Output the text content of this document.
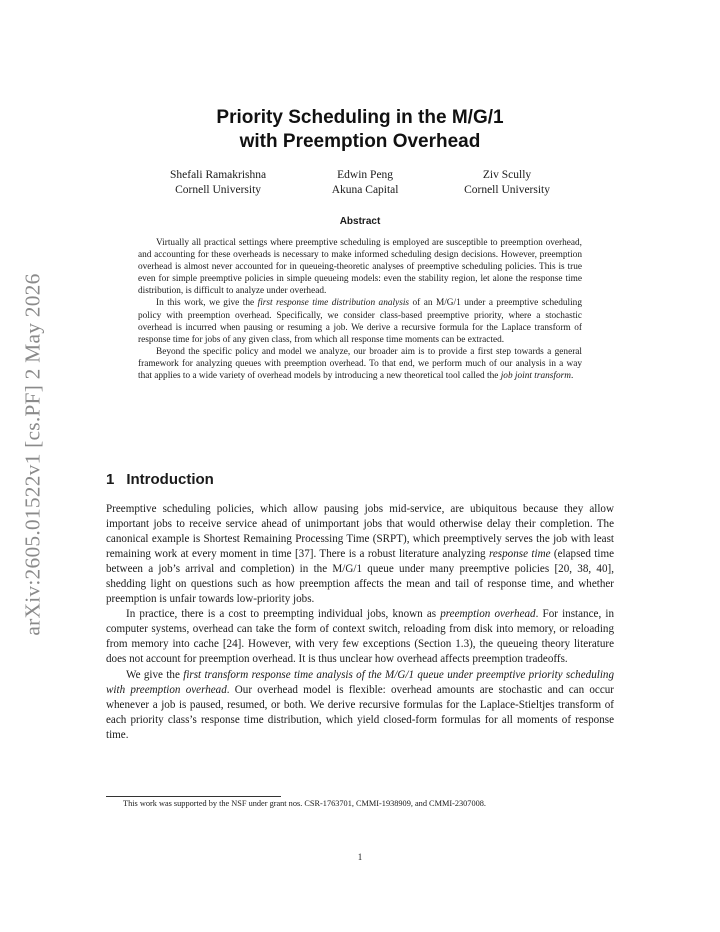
arXiv:2605.01522v1 [cs.PF] 2 May 2026
Priority Scheduling in the M/G/1
with Preemption Overhead
Shefali Ramakrishna
Cornell University
Edwin Peng
Akuna Capital
Ziv Scully
Cornell University
Abstract

Virtually all practical settings where preemptive scheduling is employed are susceptible to preemption overhead, and accounting for these overheads is necessary to make informed scheduling design decisions. However, preemption overhead is almost never accounted for in queueing-theoretic analyses of preemptive scheduling policies. This is true even for simple preemptive policies in simple queueing models: even the stability region, let alone the response time distribution, is difficult to analyze under overhead.

In this work, we give the first response time distribution analysis of an M/G/1 under a preemptive scheduling policy with preemption overhead. Specifically, we consider class-based preemptive priority, where a stochastic overhead is incurred when pausing or resuming a job. We derive a recursive formula for the Laplace transform of response time for jobs of any given class, from which all response time moments can be extracted.

Beyond the specific policy and model we analyze, our broader aim is to provide a first step towards a general framework for analyzing queues with preemption overhead. To that end, we perform much of our analysis in a way that applies to a wide variety of overhead models by introducing a new theoretical tool called the job joint transform.

1 Introduction

Preemptive scheduling policies, which allow pausing jobs mid-service, are ubiquitous because they allow important jobs to receive service ahead of unimportant jobs that would otherwise delay their completion. The canonical example is Shortest Remaining Processing Time (SRPT), which preemptively serves the job with least remaining work at every moment in time [37]. There is a robust literature analyzing response time (elapsed time between a job’s arrival and completion) in the M/G/1 queue under many preemptive policies [20, 38, 40], shedding light on questions such as how preemption affects the mean and tail of response time, and whether preemption is unfair towards low-priority jobs.

In practice, there is a cost to preempting individual jobs, known as preemption overhead. For instance, in computer systems, overhead can take the form of context switch, reloading from disk into memory, or reloading from memory into cache [24]. However, with very few exceptions (Section 1.3), the queueing theory literature does not account for preemption overhead. It is thus unclear how overhead affects preemption tradeoffs.

We give the first transform response time analysis of the M/G/1 queue under preemptive priority scheduling with preemption overhead. Our overhead model is flexible: overhead amounts are stochastic and can occur whenever a job is paused, resumed, or both. We derive recursive formulas for the Laplace-Stieltjes transform of each priority class’s response time distribution, which yield closed-form formulas for all moments of response time.

This work was supported by the NSF under grant nos. CSR-1763701, CMMI-1938909, and CMMI-2307008.
1
